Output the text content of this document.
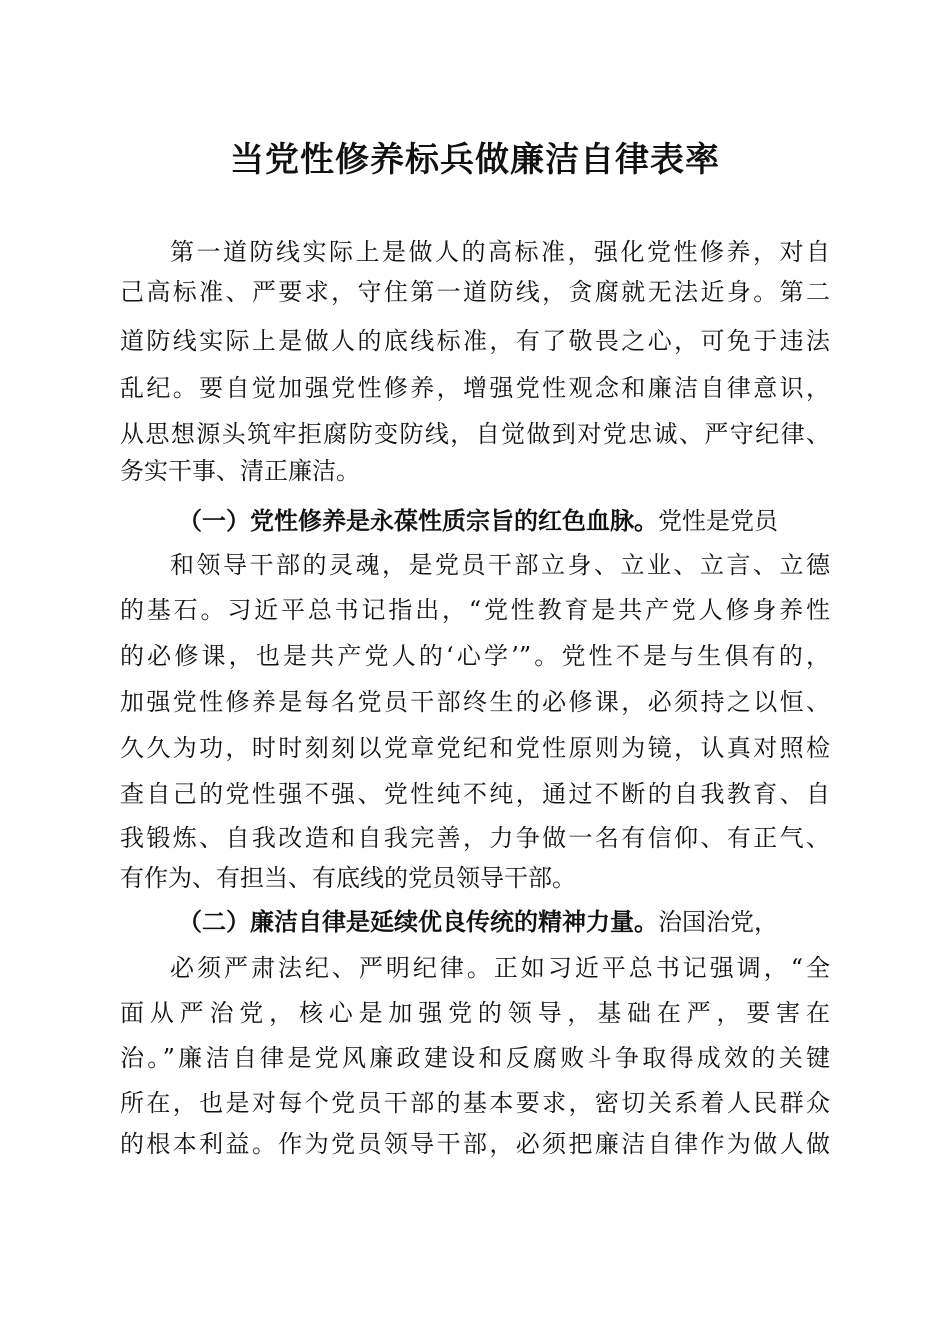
当党性修养标兵做廉洁自律表率
第一道防线实际上是做人的高标准，强化党性修养，对自
己高标准、严要求，守住第一道防线，贪腐就无法近身。第二
道防线实际上是做人的底线标准，有了敬畏之心，可免于违法
乱纪。要自觉加强党性修养，增强党性观念和廉洁自律意识，
从思想源头筑牢拒腐防变防线，自觉做到对党忠诚、严守纪律、
务实干事、清正廉洁。
（一）党性修养是永葆性质宗旨的红色血脉。党性是党员
和领导干部的灵魂，是党员干部立身、立业、立言、立德
的基石。习近平总书记指出，“党性教育是共产党人修身养性
的必修课，也是共产党人的‘心学’”。党性不是与生俱有的，
加强党性修养是每名党员干部终生的必修课，必须持之以恒、
久久为功，时时刻刻以党章党纪和党性原则为镜，认真对照检
查自己的党性强不强、党性纯不纯，通过不断的自我教育、自
我锻炼、自我改造和自我完善，力争做一名有信仰、有正气、
有作为、有担当、有底线的党员领导干部。
（二）廉洁自律是延续优良传统的精神力量。治国治党，
必须严肃法纪、严明纪律。正如习近平总书记强调，“全
面从严治党，核心是加强党的领导，基础在严，要害在
治。”廉洁自律是党风廉政建设和反腐败斗争取得成效的关键
所在，也是对每个党员干部的基本要求，密切关系着人民群众
的根本利益。作为党员领导干部，必须把廉洁自律作为做人做
